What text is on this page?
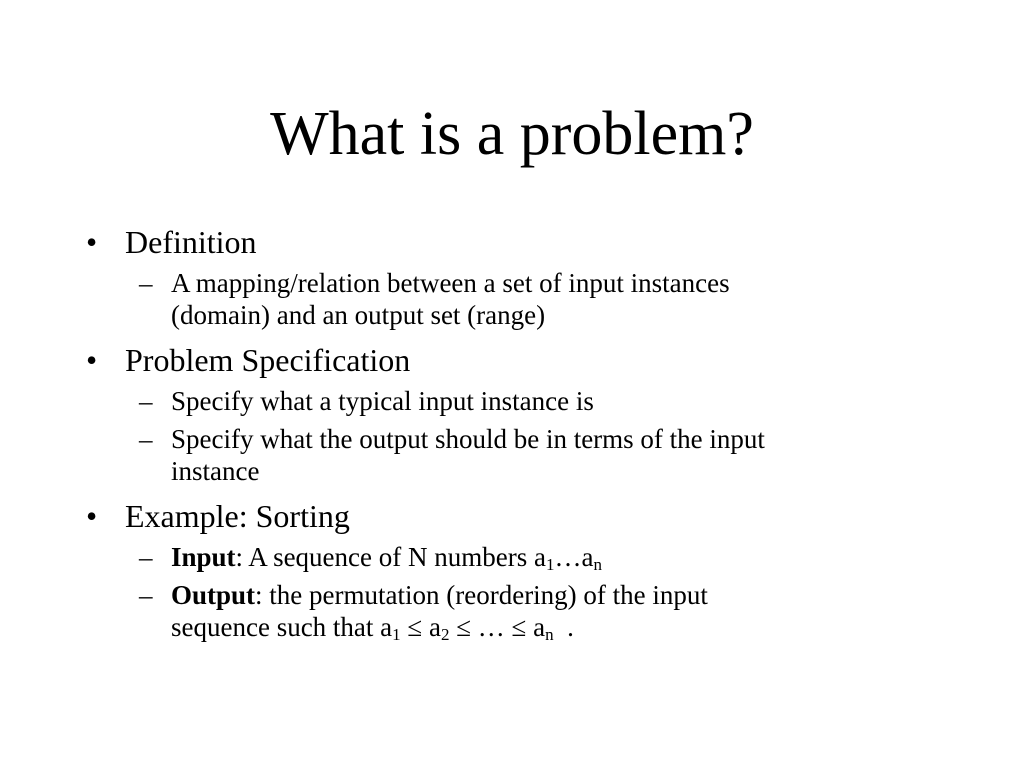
What is a problem?
• Definition
– A mapping/relation between a set of input instances
(domain) and an output set (range)
• Problem Specification
– Specify what a typical input instance is
– Specify what the output should be in terms of the input
instance
• Example: Sorting
– Input: A sequence of N numbers $a_1\dots a_n$
– Output: the permutation (reordering) of the input
sequence such that $a_1 \le a_2$ ≤ … ≤ $a_n$  .
